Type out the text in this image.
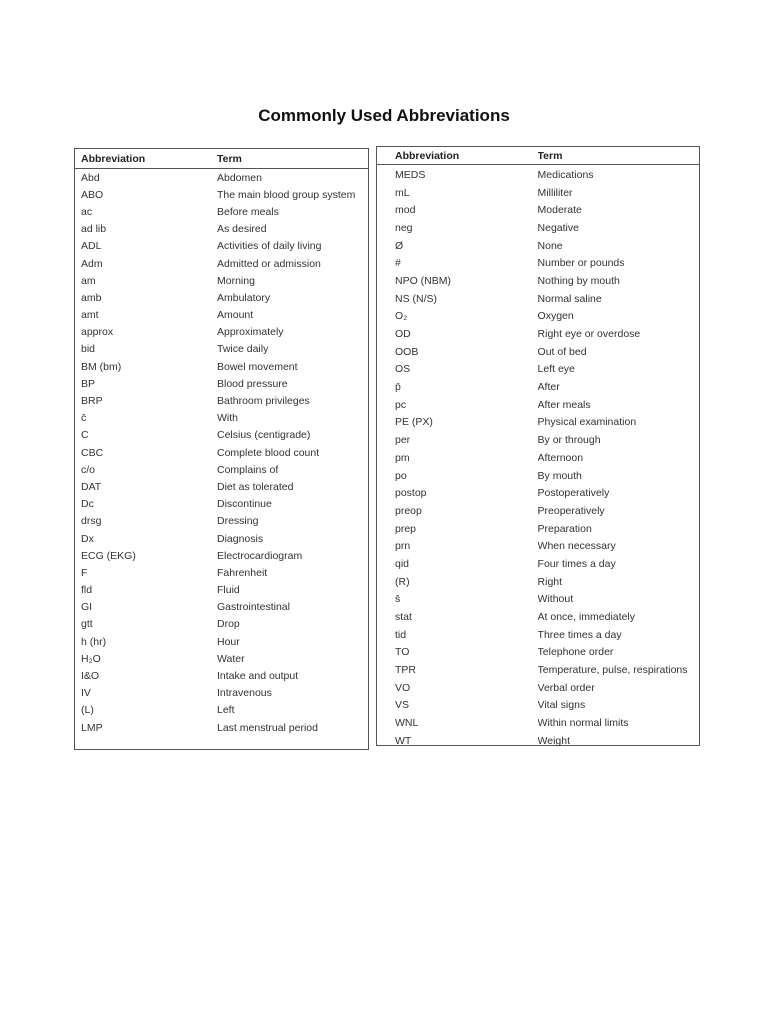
Commonly Used Abbreviations
Abbreviation	Term
Abd	Abdomen
ABO	The main blood group system
ac	Before meals
ad lib	As desired
ADL	Activities of daily living
Adm	Admitted or admission
am	Morning
amb	Ambulatory
amt	Amount
approx	Approximately
bid	Twice daily
BM (bm)	Bowel movement
BP	Blood pressure
BRP	Bathroom privileges
c̄	With
C	Celsius (centigrade)
CBC	Complete blood count
c/o	Complains of
DAT	Diet as tolerated
Dc	Discontinue
drsg	Dressing
Dx	Diagnosis
ECG (EKG)	Electrocardiogram
F	Fahrenheit
fld	Fluid
GI	Gastrointestinal
gtt	Drop
h (hr)	Hour
H₂O	Water
I&O	Intake and output
IV	Intravenous
(L)	Left
LMP	Last menstrual period
Abbreviation	Term
MEDS	Medications
mL	Milliliter
mod	Moderate
neg	Negative
Ø	None
#	Number or pounds
NPO (NBM)	Nothing by mouth
NS (N/S)	Normal saline
O₂	Oxygen
OD	Right eye or overdose
OOB	Out of bed
OS	Left eye
p̄	After
pc	After meals
PE (PX)	Physical examination
per	By or through
pm	Afternoon
po	By mouth
postop	Postoperatively
preop	Preoperatively
prep	Preparation
prn	When necessary
qid	Four times a day
(R)	Right
s̄	Without
stat	At once, immediately
tid	Three times a day
TO	Telephone order
TPR	Temperature, pulse, respirations
VO	Verbal order
VS	Vital signs
WNL	Within normal limits
WT	Weight
